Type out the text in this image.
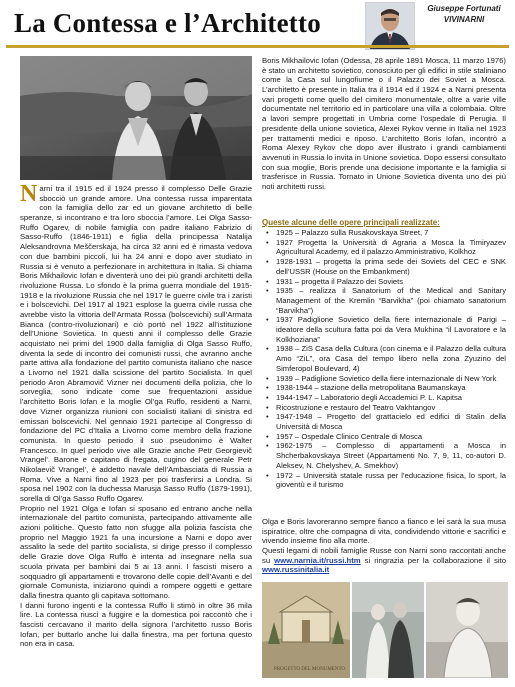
La Contessa e l’Architetto	Giuseppe Fortunati
VIVINARNI

Narni tra il 1915 ed il 1924 presso il complesso Delle Grazie sbocciò un grande amore. Una contessa russa imparentata con la famiglia dello zar ed un giovane architetto di belle speranze, si incontrano e tra loro sboccia l’amore. Lei Olga Sasso-Ruffo Ogarev, di nobile famiglia con padre italiano Fabrizio di Sasso-Ruffo (1846-1911) e figlia della principessa Natalija Aleksandrovna Meščerskaja, ha circa 32 anni ed è rimasta vedova con due bambini piccoli, lui ha 24 anni e dopo aver studiato in Russia si è venuto a perfezionare in architettura in Italia. Si chiama Boris Mikhailovic Iofan e diventerà uno dei più grandi architetti della rivoluzione Russa. Lo sfondo è la prima guerra mondiale del 1915-1918 e la rivoluzione Russia che nel 1917 le guerre civile tra i zaristi e i bolscevichi. Del 1917 al 1921 esplose la guerra civile russa che avrebbe visto la vittoria dell’Armata Rossa (bolscevichi) sull’Armata Bianca (contro-rivoluzionari) e ciò portò nel 1922 all’istituzione dell’Unione Sovietica. In questi anni il complesso delle Grazie acquistato nei primi del 1900 dalla famiglia di Olga Sasso Ruffo, diventa la sede di incontro dei comunisti russi, che avranno anche parte attiva alla fondazione del partito comunista italiano che nasce a Livorno nel 1921 dalla scissione del partito Socialista. In quel periodo Aron Abramovič Vizner nei documenti della polizia, che lo sorveglia, sono indicate come sue frequentazioni assidue l’architetto Boris Iofan e la moglie Ol’ga Ruffo, residenti a Narni, dove Vizner organizza riunioni con socialisti italiani di sinistra ed emissari bolscevichi. Nel gennaio 1921 partecipe al Congresso di fondazione del PC d’Italia a Livorno come membro della frazione comunista. In questo periodo il suo pseudonimo è Walter Francesco. In quel periodo vive alle Grazie anche Petr Georgievič Vrangel’. Barone e capitano di fregata, cugino del generale Petr Nikolaevič Vrangel’, è addetto navale dell’Ambasciata di Russia a Roma. Vive a Narni fino al 1923 per poi trasferirsi a Londra. Si sposa nel 1902 con la duchessa Marusja Sasso Ruffo (1879-1991), sorella di Ol’ga Sasso Ruffo Ogarev.

Proprio nel 1921 Olga e Iofan si sposano ed entrano anche nella internazionale del partito comunista, partecipando attivamente alle azioni politiche. Questo fatto non sfugge alla polizia fascista che proprio nel Maggio 1921 fa una incursione a Narni e dopo aver assalito la sede del partito socialista, si dirige presso il complesso delle Grazie dove Olga Ruffo è intenta ad insegnare nella sua scuola privata per bambini dai 5 ai 13 anni. I fascisti misero a soqquadro gli appartamenti e trovarono delle copie dell’Avanti e del giornale Comunista, iniziarono quindi a rompere oggetti e gettare dalla finestra quanto gli capitava sottomano.

I danni furono ingenti e la contessa Ruffo li stimò in oltre 36 mila lire. La contessa riuscì a fuggire e la domestica poi raccontò che i fascisti cercavano il marito della signora l’architetto russo Boris Iofan, per buttarlo anche lui dalla finestra, ma per fortuna questo non era in casa.

Boris Mikhailovic Iofan (Odessa, 28 aprile 1891 Mosca, 11 marzo 1976) è stato un architetto sovietico, conosciuto per gli edifici in stile staliniano come la Casa sul lungofiume o il Palazzo dei Soviet a Mosca. L’architetto è presente in Italia tra il 1914 ed il 1924 e a Narni presenta vari progetti come quello del cimitero monumentale, oltre a varie ville documentate nel territorio ed in particolare una villa a colombaia. Oltre a lavori sempre progettati in Umbria come l’ospedale di Perugia. Il presidente della unione sovietica, Alexei Rykov venne in Italia nel 1923 per trattamenti medici e riposo. L’architetto Boris Iofan, incontrò a Roma Alexey Rykov che dopo aver illustrato i grandi cambiamenti avvenuti in Russia lo invita in Unione sovietica. Dopo essersi consultato con sua moglie, Boris prende una decisione importante e la famiglia si trasferisce in Russia. Tornato in Unione Sovietica diventa uno dei più noti architetti russi.

Queste alcune delle opere principali realizzate:
• 1925 – Palazzo sulla Rusakovskaya Street, 7
• 1927 Progetta la Università di Agraria a Mosca la Timiryazev Agricultural Academy, ed il palazzo Amministrativo, Kolkhoz
• 1928-1931 – progetta la prima sede dei Soviets del CEC e SNK dell’USSR (House on the Embankment)
• 1931 – progetta il Palazzo dei Soviets
• 1935 – realizza il Sanatorium of the Medical and Sanitary Management of the Kremlin “Barvikha” (poi chiamato sanatorium “Barvikha”)
• 1937 Padiglione Sovietico della fiere internazionale di Parigi – ideatore della scultura fatta poi da Vera Mukhina “il Lavoratore e la Kolkhoziana”
• 1938 – ZiS Casa della Cultura (con cinema e il Palazzo della cultura Amo “ZiL”, ora Casa del tempo libero nella zona Zyuzino del Simferopol Boulevard, 4)
• 1939 – Padiglione Sovietico della fiere internazionale di New York
• 1938-1944 – stazione della metropolitana Baumanskaya
• 1944-1947 – Laboratorio degli Accademici P. L. Kapitsa
• Ricostruzione e restauro del Teatro Vakhtangov
• 1947-1948 – Progetto del grattacielo ed edifici di Stalin della Università di Mosca
• 1957 – Ospedale Clinico Centrale di Mosca
• 1962-1975 – Complesso di appartamenti a Mosca in Shcherbakovskaya Street (Appartamenti No. 7, 9, 11, co-autori D. Aleksev, N. Chelyshev, A. Smekhov)
• 1972 – Università statale russa per l’educazione fisica, lo sport, la gioventù e il turismo

Olga e Boris lavoreranno sempre fianco a fianco e lei sarà la sua musa ispiratrice, oltre che compagna di vita, condividendo vittorie e sacrifici e vivendo insieme fino alla morte.

Questi legami di nobili famiglie Russe con Narni sono raccontati anche su www.narnia.it/russi.htm si ringrazia per la collaborazione il sito www.russinitalia.it

PROGETTO DEL MONUMENTO
